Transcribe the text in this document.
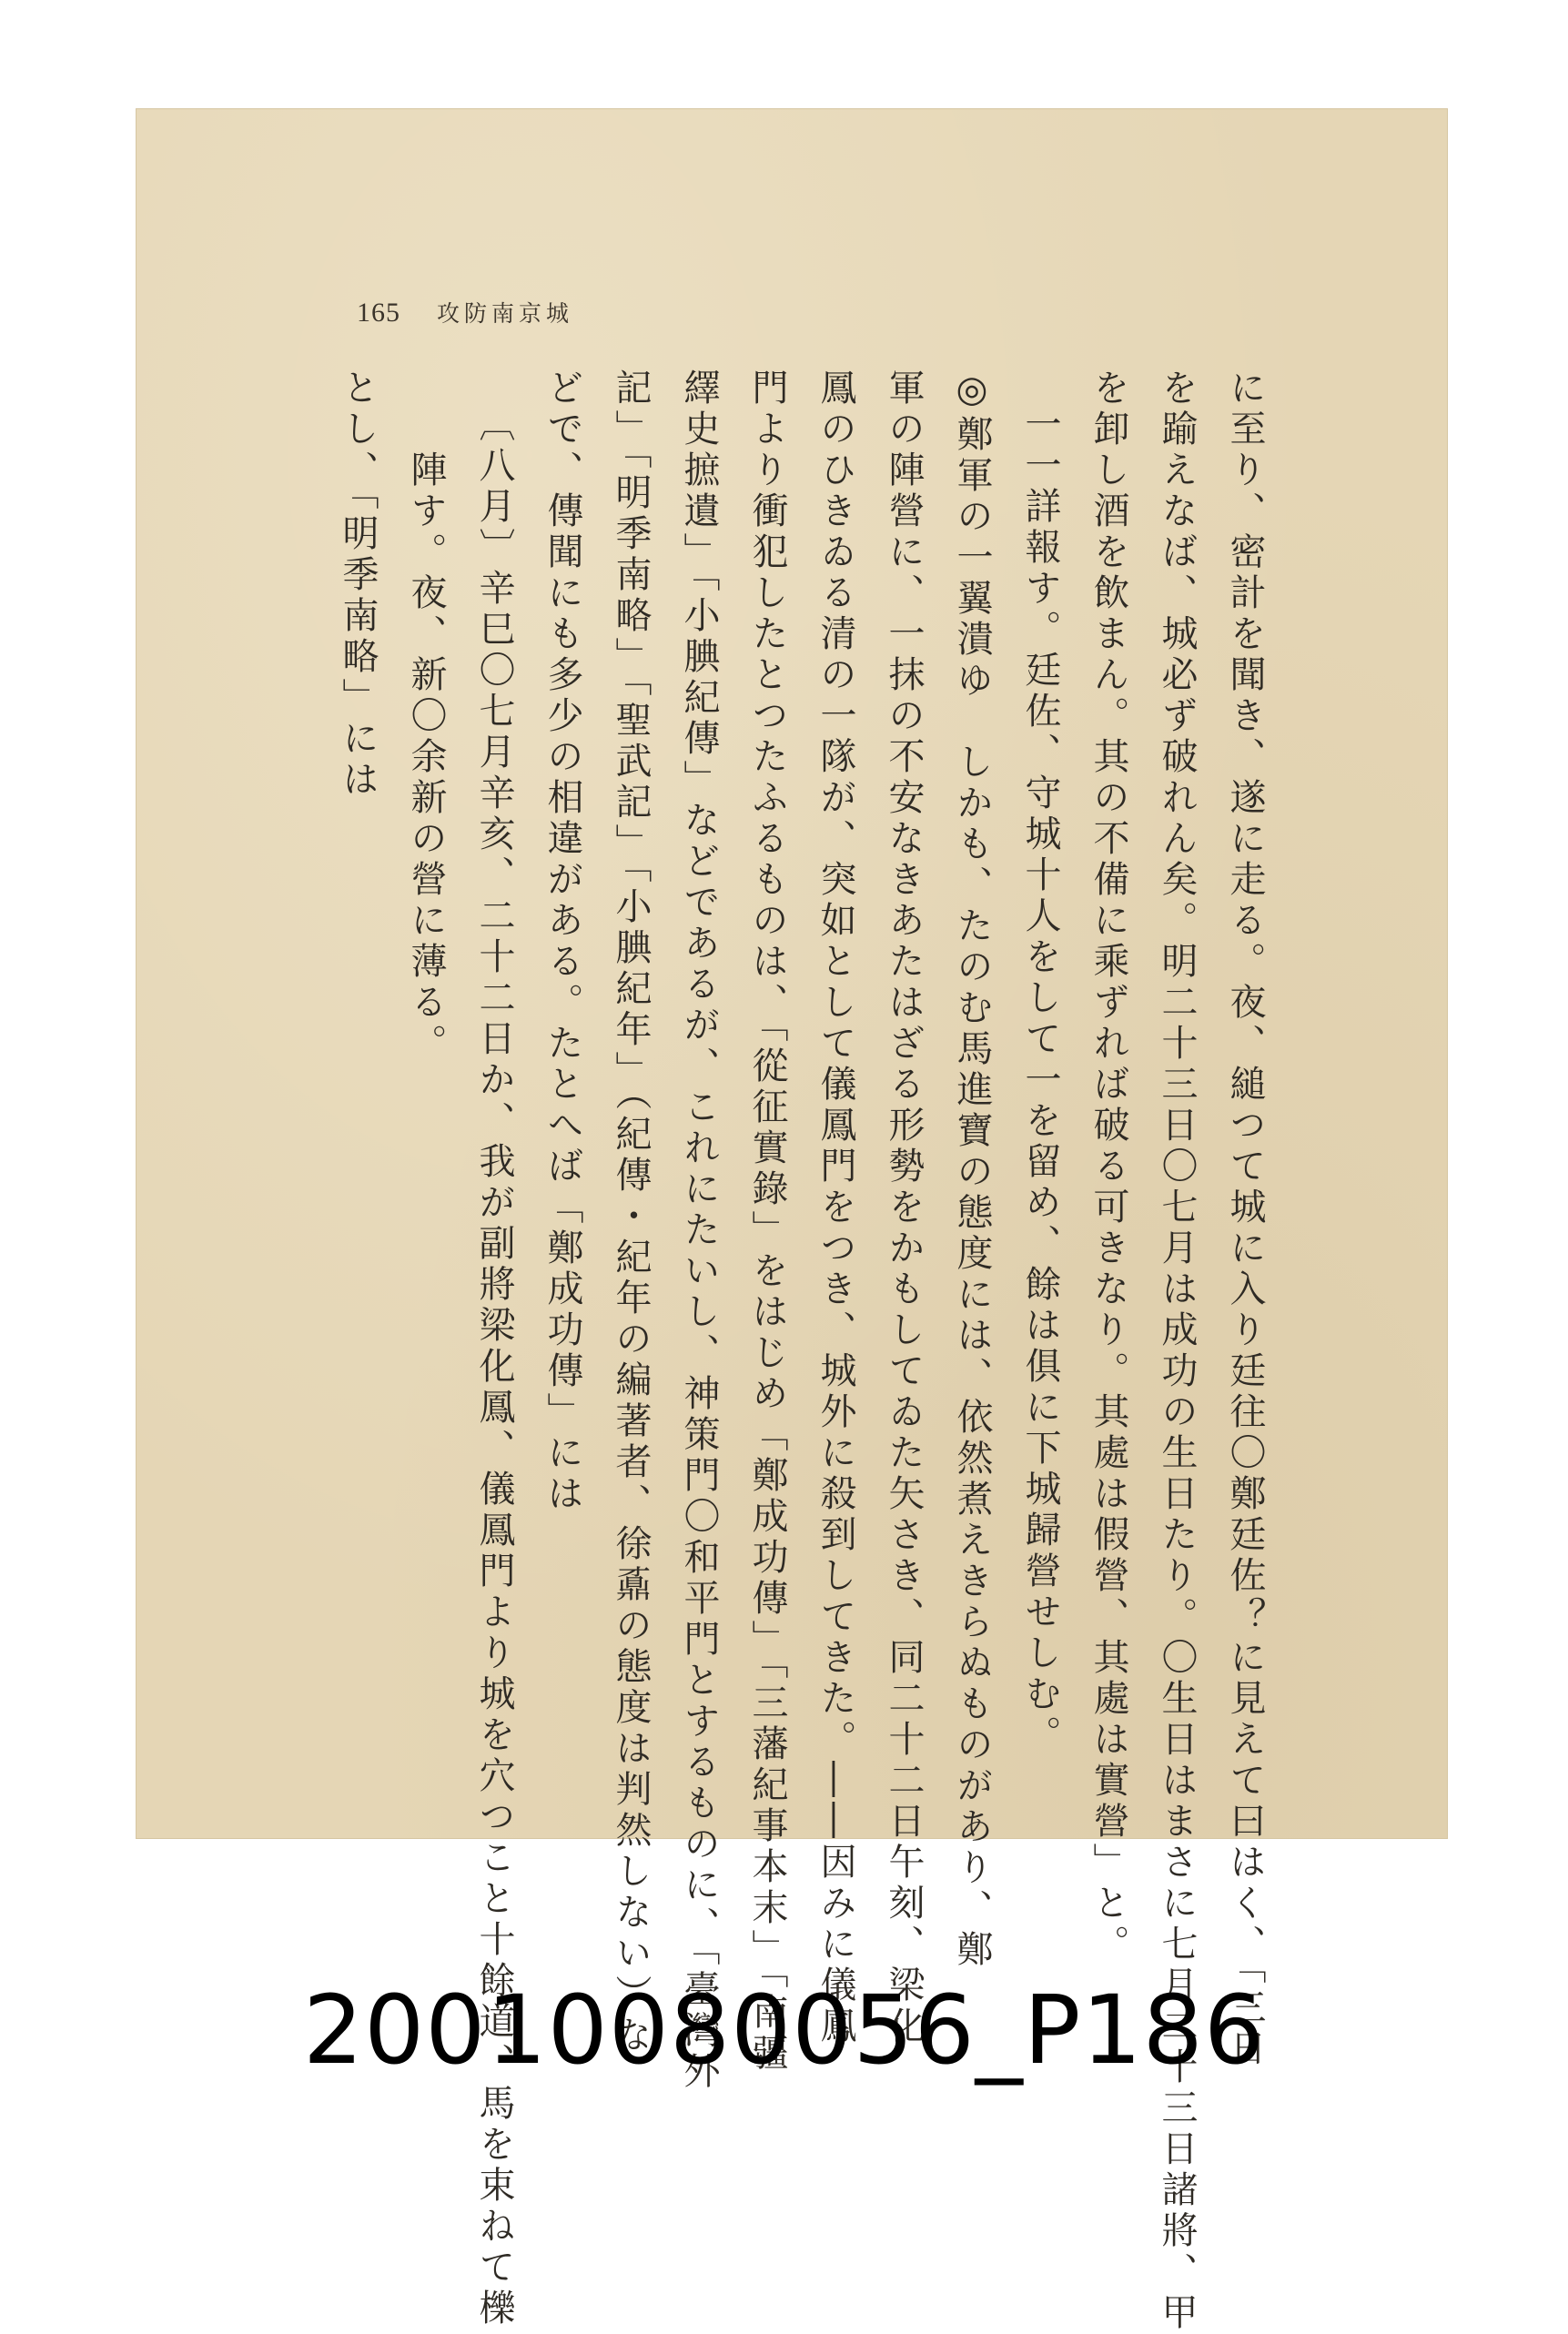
165 攻防南京城
に至り、密計を聞き、遂に走る。夜、縋つて城に入り廷往〇鄭廷佐？に見えて曰はく、「三日
を踰えなば、城必ず破れん矣。明二十三日〇七月は成功の生日たり。〇生日はまさに七月二十三日諸將、甲
を卸し酒を飲まん。其の不備に乘ずれば破る可きなり。其處は假營、其處は實營」と。
一一詳報す。廷佐、守城十人をして一を留め、餘は俱に下城歸營せしむ。
◎鄭軍の一翼潰ゆ　しかも、たのむ馬進寶の態度には、依然煮えきらぬものがあり、鄭
軍の陣營に、一抹の不安なきあたはざる形勢をかもしてゐた矢さき、同二十二日午刻、梁化
鳳のひきゐる清の一隊が、突如として儀鳳門をつき、城外に殺到してきた。――因みに儀鳳
門より衝犯したとつたふるものは、「從征實錄」をはじめ「鄭成功傳」「三藩紀事本末」「南疆
繹史摭遺」「小腆紀傳」などであるが、これにたいし、神策門〇和平門とするものに、「臺灣外
記」「明季南略」「聖武記」「小腆紀年」（紀傳・紀年の編著者、徐鼒の態度は判然しない）な
どで、傳聞にも多少の相違がある。たとへば「鄭成功傳」には
〔八月〕辛巳〇七月辛亥、二十二日か、我が副將梁化鳳、儀鳳門より城を穴つこと十餘道、馬を束ねて櫟
陣す。夜、新〇余新の營に薄る。
とし、「明季南略」には
20010080056_P186
